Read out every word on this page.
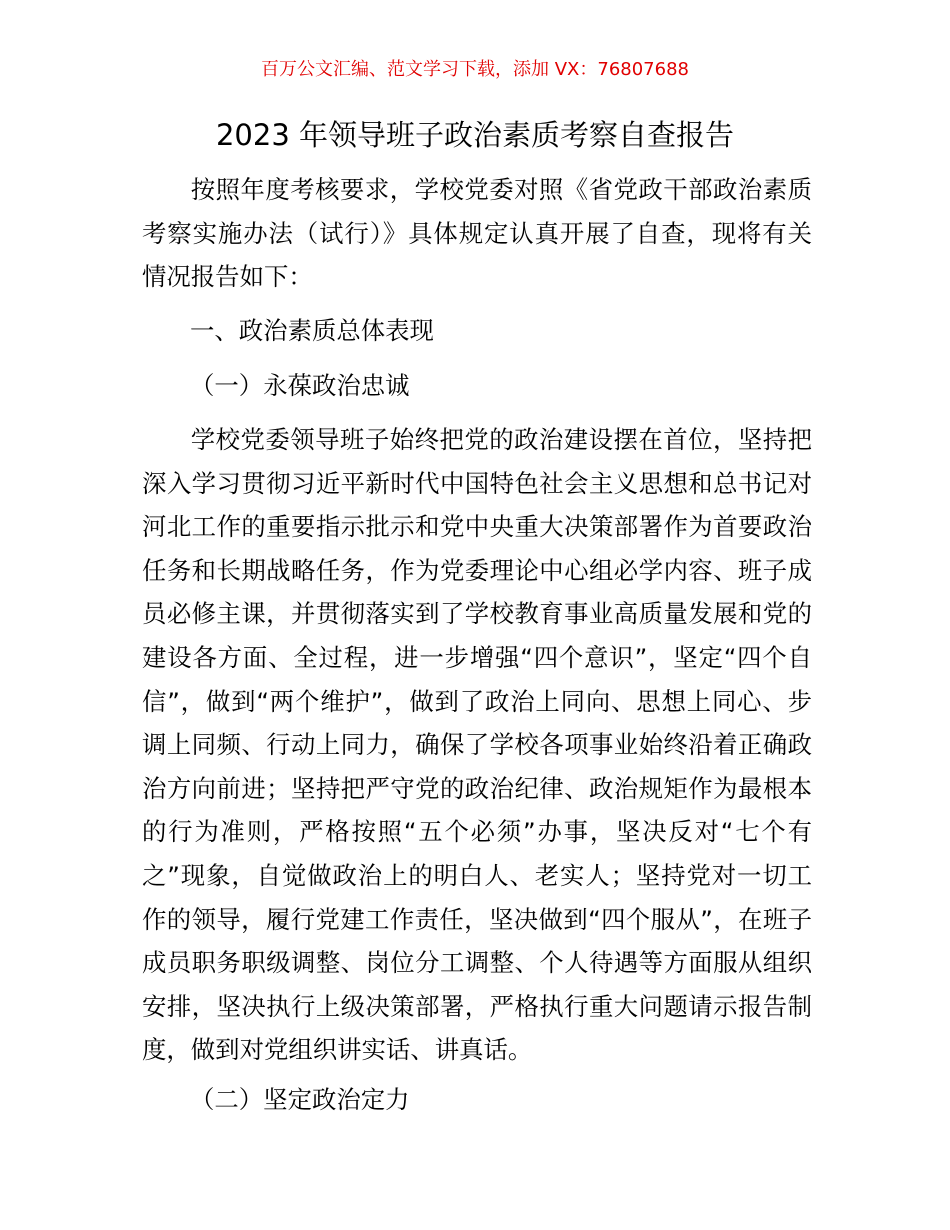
百万公文汇编、范文学习下载，添加 VX：76807688
2023 年领导班子政治素质考察自查报告

按照年度考核要求，学校党委对照《省党政干部政治素质考察实施办法（试行）》具体规定认真开展了自查，现将有关情况报告如下：

一、政治素质总体表现

（一）永葆政治忠诚

学校党委领导班子始终把党的政治建设摆在首位，坚持把深入学习贯彻习近平新时代中国特色社会主义思想和总书记对河北工作的重要指示批示和党中央重大决策部署作为首要政治任务和长期战略任务，作为党委理论中心组必学内容、班子成员必修主课，并贯彻落实到了学校教育事业高质量发展和党的建设各方面、全过程，进一步增强“四个意识”，坚定“四个自信”，做到“两个维护”，做到了政治上同向、思想上同心、步调上同频、行动上同力，确保了学校各项事业始终沿着正确政治方向前进；坚持把严守党的政治纪律、政治规矩作为最根本的行为准则，严格按照“五个必须”办事，坚决反对“七个有之”现象，自觉做政治上的明白人、老实人；坚持党对一切工作的领导，履行党建工作责任，坚决做到“四个服从”，在班子成员职务职级调整、岗位分工调整、个人待遇等方面服从组织安排，坚决执行上级决策部署，严格执行重大问题请示报告制度，做到对党组织讲实话、讲真话。

（二）坚定政治定力
